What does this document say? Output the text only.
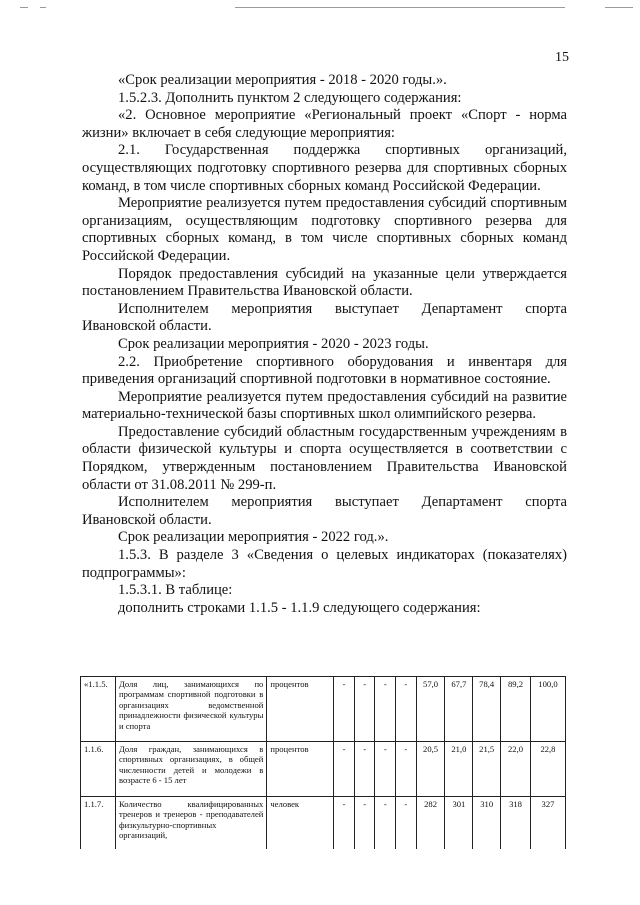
15

«Срок реализации мероприятия - 2018 - 2020 годы.».

1.5.2.3. Дополнить пунктом 2 следующего содержания:

«2. Основное мероприятие «Региональный проект «Спорт - норма жизни» включает в себя следующие мероприятия:

2.1. Государственная поддержка спортивных организаций, осуществляющих подготовку спортивного резерва для спортивных сборных команд, в том числе спортивных сборных команд Российской Федерации.

Мероприятие реализуется путем предоставления субсидий спортивным организациям, осуществляющим подготовку спортивного резерва для спортивных сборных команд, в том числе спортивных сборных команд Российской Федерации.

Порядок предоставления субсидий на указанные цели утверждается постановлением Правительства Ивановской области.

Исполнителем мероприятия выступает Департамент спорта Ивановской области.

Срок реализации мероприятия - 2020 - 2023 годы.

2.2. Приобретение спортивного оборудования и инвентаря для приведения организаций спортивной подготовки в нормативное состояние.

Мероприятие реализуется путем предоставления субсидий на развитие материально-технической базы спортивных школ олимпийского резерва.

Предоставление субсидий областным государственным учреждениям в области физической культуры и спорта осуществляется в соответствии с Порядком, утвержденным постановлением Правительства Ивановской области от 31.08.2011 № 299-п.

Исполнителем мероприятия выступает Департамент спорта Ивановской области.

Срок реализации мероприятия - 2022 год.».

1.5.3. В разделе 3 «Сведения о целевых индикаторах (показателях) подпрограммы»:

1.5.3.1. В таблице:

дополнить строками 1.1.5 - 1.1.9 следующего содержания:

«1.1.5.	Доля лиц, занимающихся по программам спортивной подготовки в организациях ведомственной принадлежности физической культуры и спорта	процентов	-	-	-	-	57,0	67,7	78,4	89,2	100,0
1.1.6.	Доля граждан, занимающихся в спортивных организациях, в общей численности детей и молодежи в возрасте 6 - 15 лет	процентов	-	-	-	-	20,5	21,0	21,5	22,0	22,8
1.1.7.	Количество квалифицированных тренеров и тренеров - преподавателей физкультурно-спортивных организаций,	человек	-	-	-	-	282	301	310	318	327
